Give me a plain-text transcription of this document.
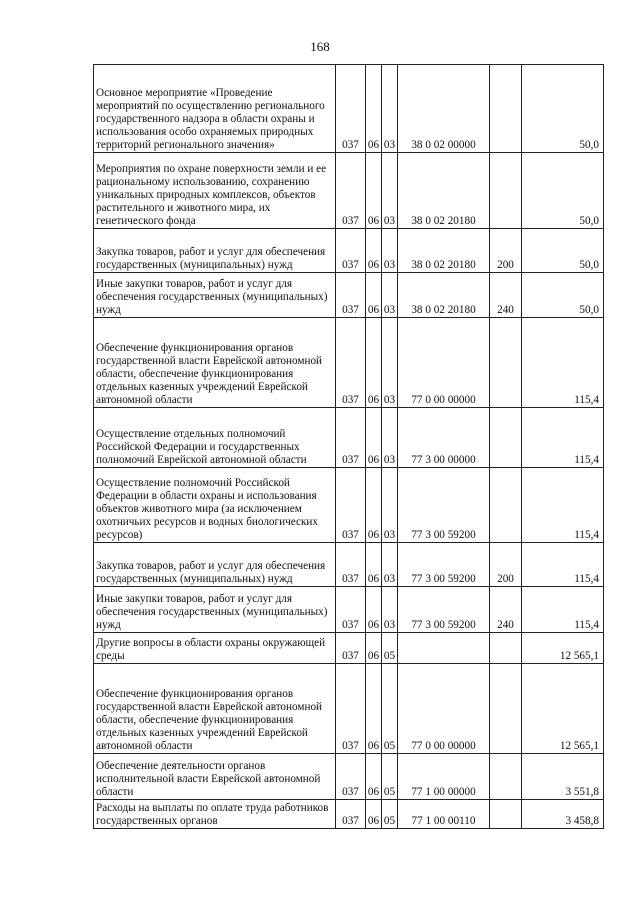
168
Основное мероприятие «Проведение мероприятий по осуществлению регионального государственного надзора в области охраны и использования особо охраняемых природных территорий регионального значения»	037	06	03	38 0 02 00000		50,0
Мероприятия по охране поверхности земли и ее рациональному использованию, сохранению уникальных природных комплексов, объектов растительного и животного мира, их генетического фонда	037	06	03	38 0 02 20180		50,0
Закупка товаров, работ и услуг для обеспечения государственных (муниципальных) нужд	037	06	03	38 0 02 20180	200	50,0
Иные закупки товаров, работ и услуг для обеспечения государственных (муниципальных) нужд	037	06	03	38 0 02 20180	240	50,0
Обеспечение функционирования органов государственной власти Еврейской автономной области, обеспечение функционирования отдельных казенных учреждений Еврейской автономной области	037	06	03	77 0 00 00000		115,4
Осуществление отдельных полномочий Российской Федерации и государственных полномочий Еврейской автономной области	037	06	03	77 3 00 00000		115,4
Осуществление полномочий Российской Федерации в области охраны и использования объектов животного мира (за исключением охотничьих ресурсов и водных биологических ресурсов)	037	06	03	77 3 00 59200		115,4
Закупка товаров, работ и услуг для обеспечения государственных (муниципальных) нужд	037	06	03	77 3 00 59200	200	115,4
Иные закупки товаров, работ и услуг для обеспечения государственных (муниципальных) нужд	037	06	03	77 3 00 59200	240	115,4
Другие вопросы в области охраны окружающей среды	037	06	05			12 565,1
Обеспечение функционирования органов государственной власти Еврейской автономной области, обеспечение функционирования отдельных казенных учреждений Еврейской автономной области	037	06	05	77 0 00 00000		12 565,1
Обеспечение деятельности органов исполнительной власти Еврейской автономной области	037	06	05	77 1 00 00000		3 551,8
Расходы на выплаты по оплате труда работников государственных органов	037	06	05	77 1 00 00110		3 458,8
